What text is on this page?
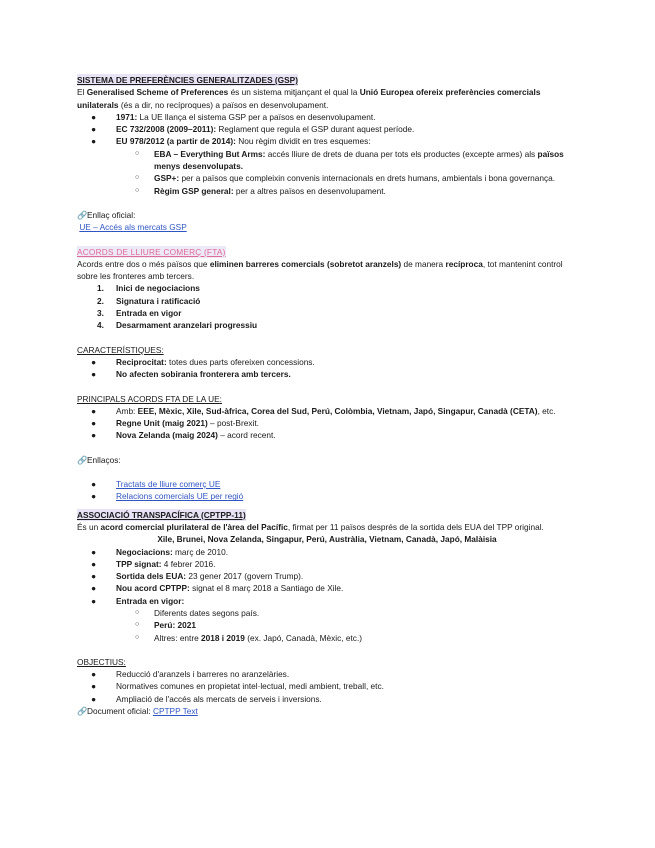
SISTEMA DE PREFERÈNCIES GENERALITZADES (GSP)

El Generalised Scheme of Preferences és un sistema mitjançant el qual la Unió Europea ofereix preferències comercials unilaterals (és a dir, no recíproques) a països en desenvolupament.

● 1971: La UE llança el sistema GSP per a països en desenvolupament.
● EC 732/2008 (2009–2011): Reglament que regula el GSP durant aquest període.
● EU 978/2012 (a partir de 2014): Nou règim dividit en tres esquemes:
○ EBA – Everything But Arms: accés lliure de drets de duana per tots els productes (excepte armes) als països menys desenvolupats.
○ GSP+: per a països que compleixin convenis internacionals en drets humans, ambientals i bona governança.
○ Règim GSP general: per a altres països en desenvolupament.

🔗Enllaç oficial:

UE – Accés als mercats GSP

ACORDS DE LLIURE COMERÇ (FTA)

Acords entre dos o més països que eliminen barreres comercials (sobretot aranzels) de manera recíproca, tot mantenint control sobre les fronteres amb tercers.

1. Inici de negociacions
2. Signatura i ratificació
3. Entrada en vigor
4. Desarmament aranzelari progressiu

CARACTERÍSTIQUES:

● Reciprocitat: totes dues parts ofereixen concessions.
● No afecten sobirania fronterera amb tercers.

PRINCIPALS ACORDS FTA DE LA UE:

● Amb: EEE, Mèxic, Xile, Sud-àfrica, Corea del Sud, Perú, Colòmbia, Vietnam, Japó, Singapur, Canadà (CETA), etc.
● Regne Unit (maig 2021) – post-Brexit.
● Nova Zelanda (maig 2024) – acord recent.

🔗Enllaços:

● Tractats de lliure comerç UE
● Relacions comercials UE per regió

ASSOCIACIÓ TRANSPACÍFICA (CPTPP-11)

És un acord comercial plurilateral de l'àrea del Pacífic, firmat per 11 països després de la sortida dels EUA del TPP original.

Xile, Brunei, Nova Zelanda, Singapur, Perú, Austràlia, Vietnam, Canadà, Japó, Malàisia

● Negociacions: març de 2010.
● TPP signat: 4 febrer 2016.
● Sortida dels EUA: 23 gener 2017 (govern Trump).
● Nou acord CPTPP: signat el 8 març 2018 a Santiago de Xile.
● Entrada en vigor:
○ Diferents dates segons país.
○ Perú: 2021
○ Altres: entre 2018 i 2019 (ex. Japó, Canadà, Mèxic, etc.)

OBJECTIUS:

● Reducció d'aranzels i barreres no aranzelàries.
● Normatives comunes en propietat intel·lectual, medi ambient, treball, etc.
● Ampliació de l'accés als mercats de serveis i inversions.

🔗Document oficial: CPTPP Text
